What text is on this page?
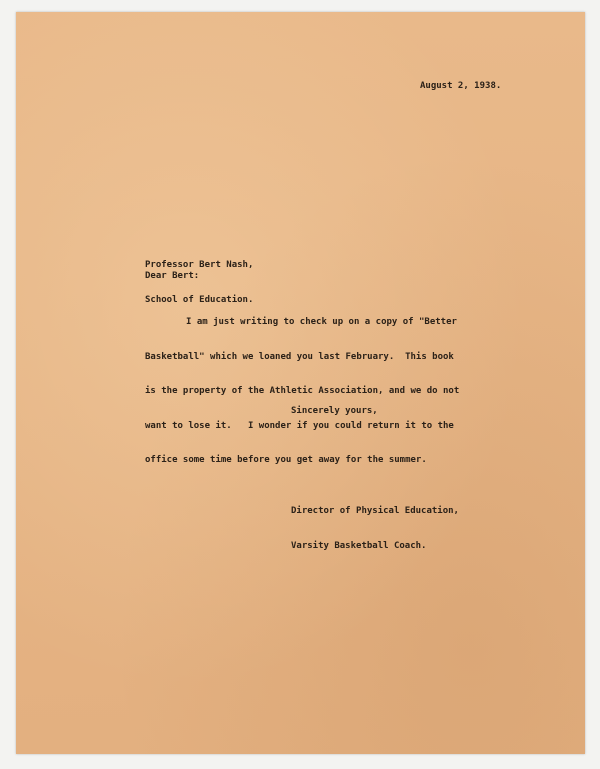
August 2, 1938.

Professor Bert Nash,

School of Education.

Dear Bert:

I am just writing to check up on a copy of "Better

Basketball" which we loaned you last February.  This book

is the property of the Athletic Association, and we do not

want to lose it.   I wonder if you could return it to the

office some time before you get away for the summer.

Sincerely yours,

Director of Physical Education,

Varsity Basketball Coach.
